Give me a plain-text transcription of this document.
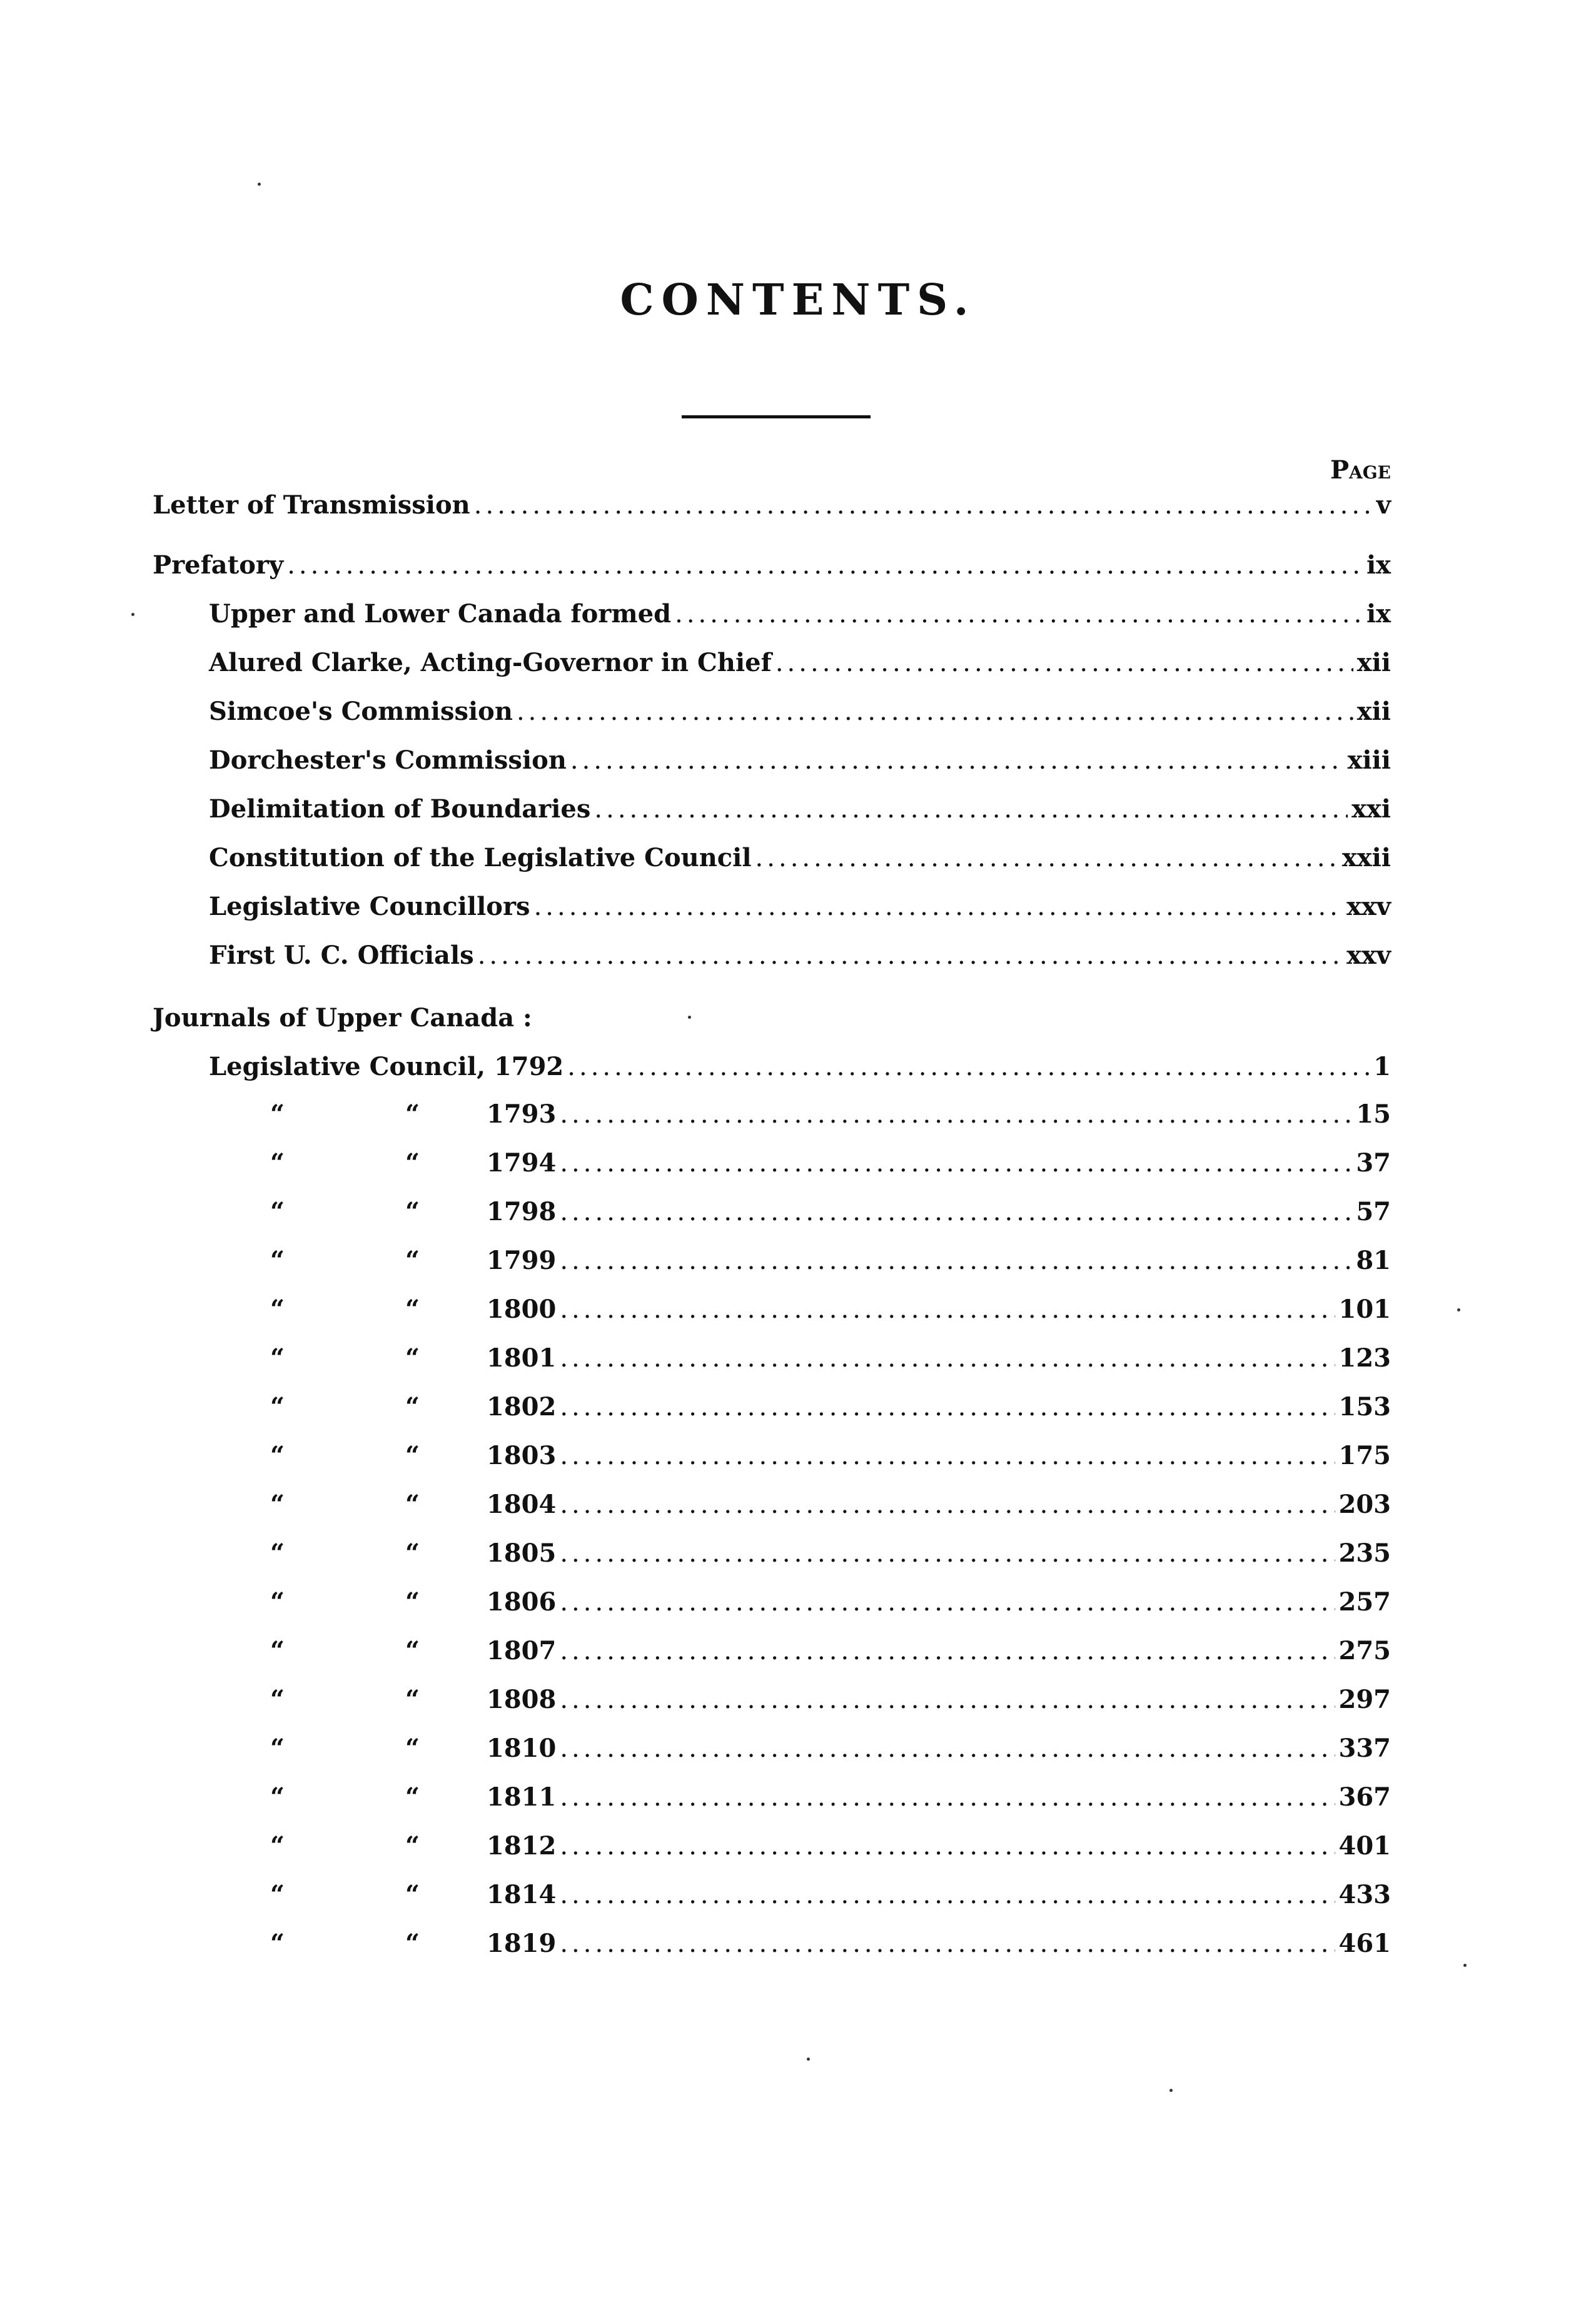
CONTENTS.
Page
Letter of Transmission .....	v
Prefatory .....	ix
Upper and Lower Canada formed .....	ix
Alured Clarke, Acting-Governor in Chief .....	xii
Simcoe's Commission .....	xii
Dorchester's Commission .....	xiii
Delimitation of Boundaries .....	xxi
Constitution of the Legislative Council .....	xxii
Legislative Councillors .....	xxv
First U. C. Officials .....	xxv
Journals of Upper Canada :
Legislative Council, 1792 .....	1
“	“	1793 .....	15
“	“	1794 .....	37
“	“	1798 .....	57
“	“	1799 .....	81
“	“	1800 .....	101
“	“	1801 .....	123
“	“	1802 .....	153
“	“	1803 .....	175
“	“	1804 .....	203
“	“	1805 .....	235
“	“	1806 .....	257
“	“	1807 .....	275
“	“	1808 .....	297
“	“	1810 .....	337
“	“	1811 .....	367
“	“	1812 .....	401
“	“	1814 .....	433
“	“	1819 .....	461
